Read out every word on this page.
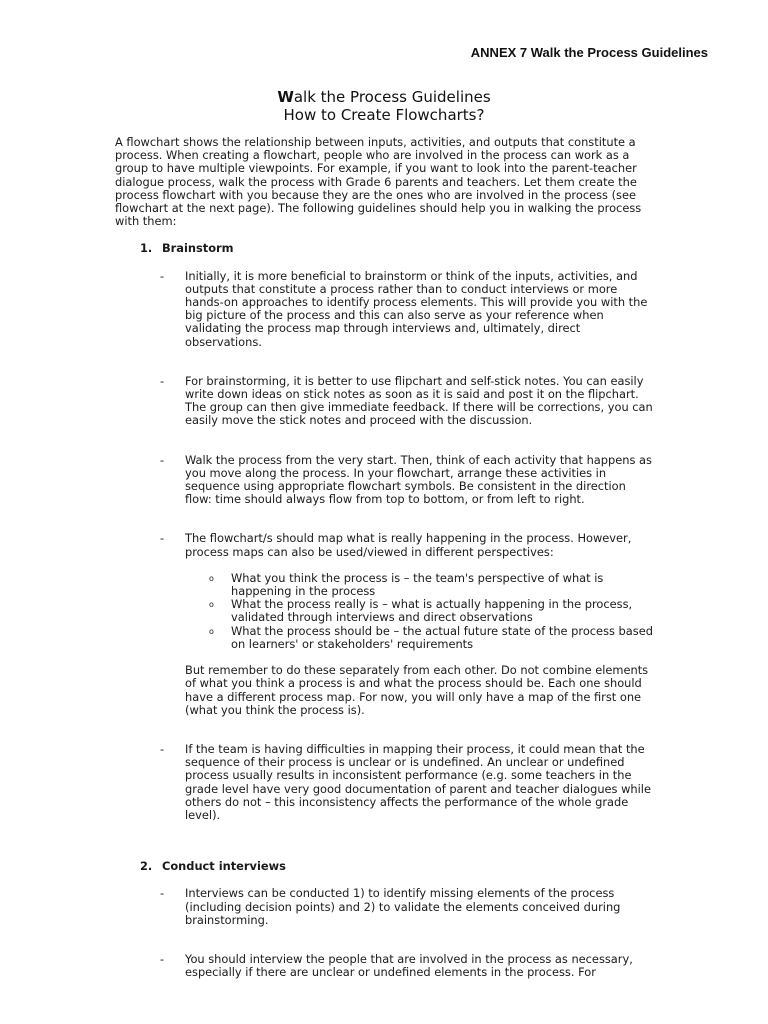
ANNEX 7 Walk the Process Guidelines
Walk the Process Guidelines
How to Create Flowcharts?

A flowchart shows the relationship between inputs, activities, and outputs that constitute a process. When creating a flowchart, people who are involved in the process can work as a group to have multiple viewpoints. For example, if you want to look into the parent-teacher dialogue process, walk the process with Grade 6 parents and teachers. Let them create the process flowchart with you because they are the ones who are involved in the process (see flowchart at the next page). The following guidelines should help you in walking the process with them:

1. Brainstorm
-	Initially, it is more beneficial to brainstorm or think of the inputs, activities, and outputs that constitute a process rather than to conduct interviews or more hands-on approaches to identify process elements. This will provide you with the big picture of the process and this can also serve as your reference when validating the process map through interviews and, ultimately, direct observations.

-	For brainstorming, it is better to use flipchart and self-stick notes. You can easily write down ideas on stick notes as soon as it is said and post it on the flipchart. The group can then give immediate feedback. If there will be corrections, you can easily move the stick notes and proceed with the discussion.

-	Walk the process from the very start. Then, think of each activity that happens as you move along the process. In your flowchart, arrange these activities in sequence using appropriate flowchart symbols. Be consistent in the direction flow: time should always flow from top to bottom, or from left to right.

-	The flowchart/s should map what is really happening in the process. However, process maps can also be used/viewed in different perspectives:

o	What you think the process is – the team's perspective of what is happening in the process
o	What the process really is – what is actually happening in the process, validated through interviews and direct observations
o	What the process should be – the actual future state of the process based on learners' or stakeholders' requirements

But remember to do these separately from each other. Do not combine elements of what you think a process is and what the process should be. Each one should have a different process map. For now, you will only have a map of the first one (what you think the process is).

-	If the team is having difficulties in mapping their process, it could mean that the sequence of their process is unclear or is undefined. An unclear or undefined process usually results in inconsistent performance (e.g. some teachers in the grade level have very good documentation of parent and teacher dialogues while others do not – this inconsistency affects the performance of the whole grade level).

2. Conduct interviews
-	Interviews can be conducted 1) to identify missing elements of the process (including decision points) and 2) to validate the elements conceived during brainstorming.

-	You should interview the people that are involved in the process as necessary, especially if there are unclear or undefined elements in the process. For
